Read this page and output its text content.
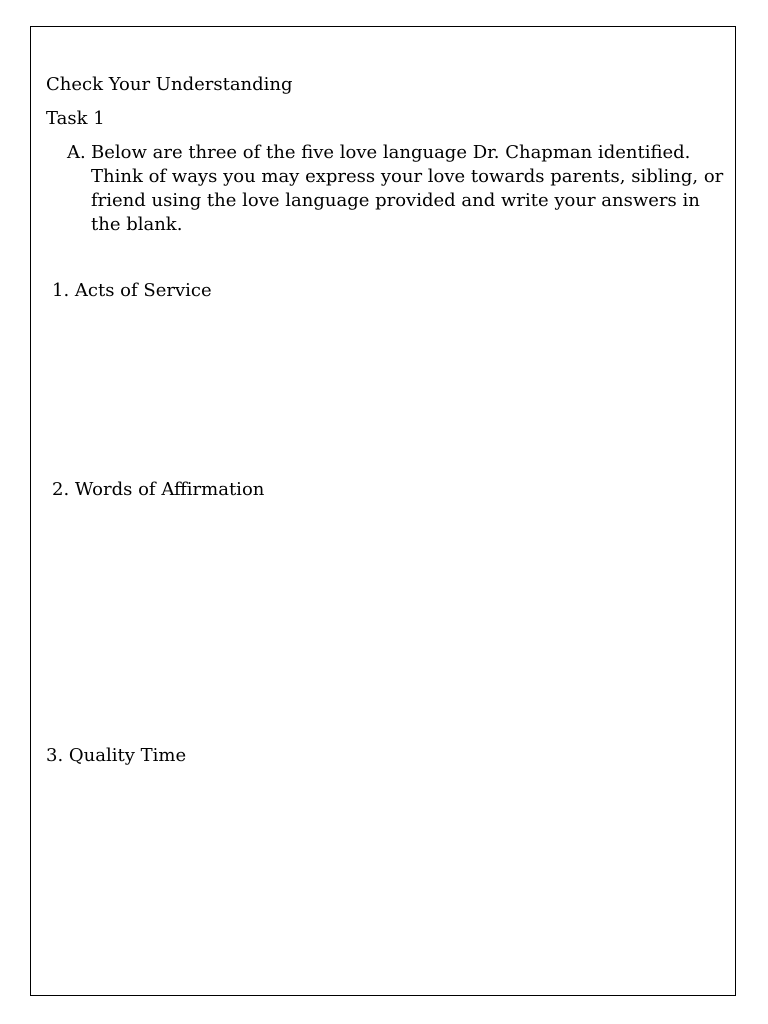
Check Your Understanding
Task 1
A. Below are three of the five love language Dr. Chapman identified. Think of ways you may express your love towards parents, sibling, or friend using the love language provided and write your answers in the blank.
1. Acts of Service
2. Words of Affirmation
3. Quality Time
